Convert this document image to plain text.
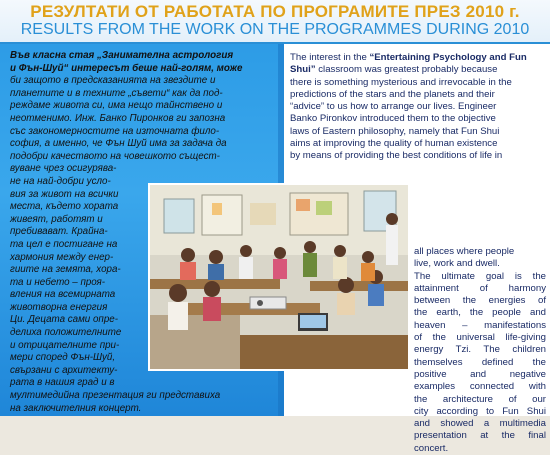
РЕЗУЛТАТИ ОТ РАБОТАТА ПО ПРОГРАМИТЕ ПРЕЗ 2010 г.
RESULTS FROM THE WORK ON THE PROGRAMMES DURING 2010
Във класна стая „Занимателна астрология
и Фън-Шуй“ интересът беше най-голям, може
би защото в предсказанията на звездите и
планетите и в техните „съвети“ как да под-
реждаме живота си, има нещо тайнствено и
неотменимо. Инж. Банко Пиронков ги запозна
със закономерностите на източната фило-
софия, а именно, че Фън Шуй има за задача да
подобри качеството на човешкото същест-
вуване чрез осигурява-
не на най-добри усло-
вия за живот на всички
места, където хората
живеят, работят и
пребивават. Крайна-
та цел е постигане на
хармония между енер-
гиите на земята, хора-
та и небето – проя-
вления на всемирната
животворна енергия
Ци. Децата сами опре-
делиха положителните
и отрицателните при-
мери според Фън-Шуй,
свързани с архитекту-
рата в нашия град и в
мултимедийна презентация ги представиха
на заключителния концерт.
The interest in the “Entertaining Psychology and Fun
Shui” classroom was greatest probably because
there is something mysterious and irrevocable in the
predictions of the stars and the planets and their
“advice” to us how to arrange our lives. Engineer
Banko Pironkov introduced them to the objective
laws of Eastern philosophy, namely that Fun Shui
aims at improving the quality of human existence
by means of providing the best conditions of life in
all places where people
live, work and dwell.
The ultimate goal is the
attainment of harmony
between the energies of
the earth, the people and
heaven – manifestations
of the universal life-giving
energy Tzi. The children
themselves defined the
positive and negative
examples connected with
the architecture of our
city according to Fun Shui
and showed a multimedia
presentation at the final
concert.
